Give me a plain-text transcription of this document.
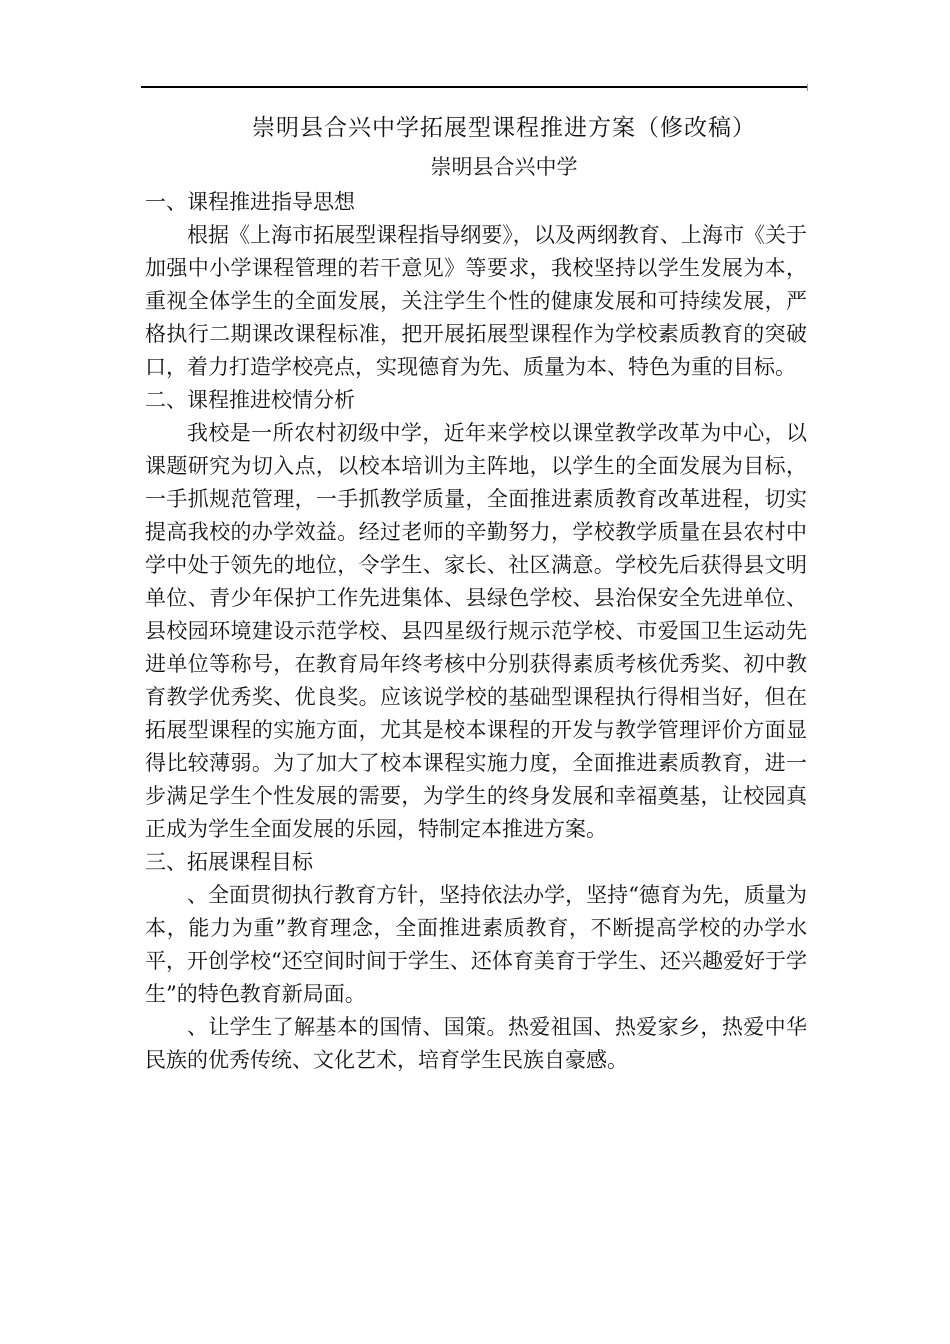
崇明县合兴中学拓展型课程推进方案（修改稿）
崇明县合兴中学

一、课程推进指导思想

根据《上海市拓展型课程指导纲要》，以及两纲教育、上海市《关于加强中小学课程管理的若干意见》等要求，我校坚持以学生发展为本，重视全体学生的全面发展，关注学生个性的健康发展和可持续发展，严格执行二期课改课程标准，把开展拓展型课程作为学校素质教育的突破口，着力打造学校亮点，实现德育为先、质量为本、特色为重的目标。

二、课程推进校情分析

我校是一所农村初级中学，近年来学校以课堂教学改革为中心，以课题研究为切入点，以校本培训为主阵地，以学生的全面发展为目标，一手抓规范管理，一手抓教学质量，全面推进素质教育改革进程，切实提高我校的办学效益。经过老师的辛勤努力，学校教学质量在县农村中学中处于领先的地位，令学生、家长、社区满意。学校先后获得县文明单位、青少年保护工作先进集体、县绿色学校、县治保安全先进单位、县校园环境建设示范学校、县四星级行规示范学校、市爱国卫生运动先进单位等称号，在教育局年终考核中分别获得素质考核优秀奖、初中教育教学优秀奖、优良奖。应该说学校的基础型课程执行得相当好，但在拓展型课程的实施方面，尤其是校本课程的开发与教学管理评价方面显得比较薄弱。为了加大了校本课程实施力度，全面推进素质教育，进一步满足学生个性发展的需要，为学生的终身发展和幸福奠基，让校园真正成为学生全面发展的乐园，特制定本推进方案。

三、拓展课程目标

、全面贯彻执行教育方针，坚持依法办学，坚持“德育为先，质量为本，能力为重”教育理念，全面推进素质教育，不断提高学校的办学水平，开创学校“还空间时间于学生、还体育美育于学生、还兴趣爱好于学生”的特色教育新局面。

、让学生了解基本的国情、国策。热爱祖国、热爱家乡，热爱中华民族的优秀传统、文化艺术，培育学生民族自豪感。
